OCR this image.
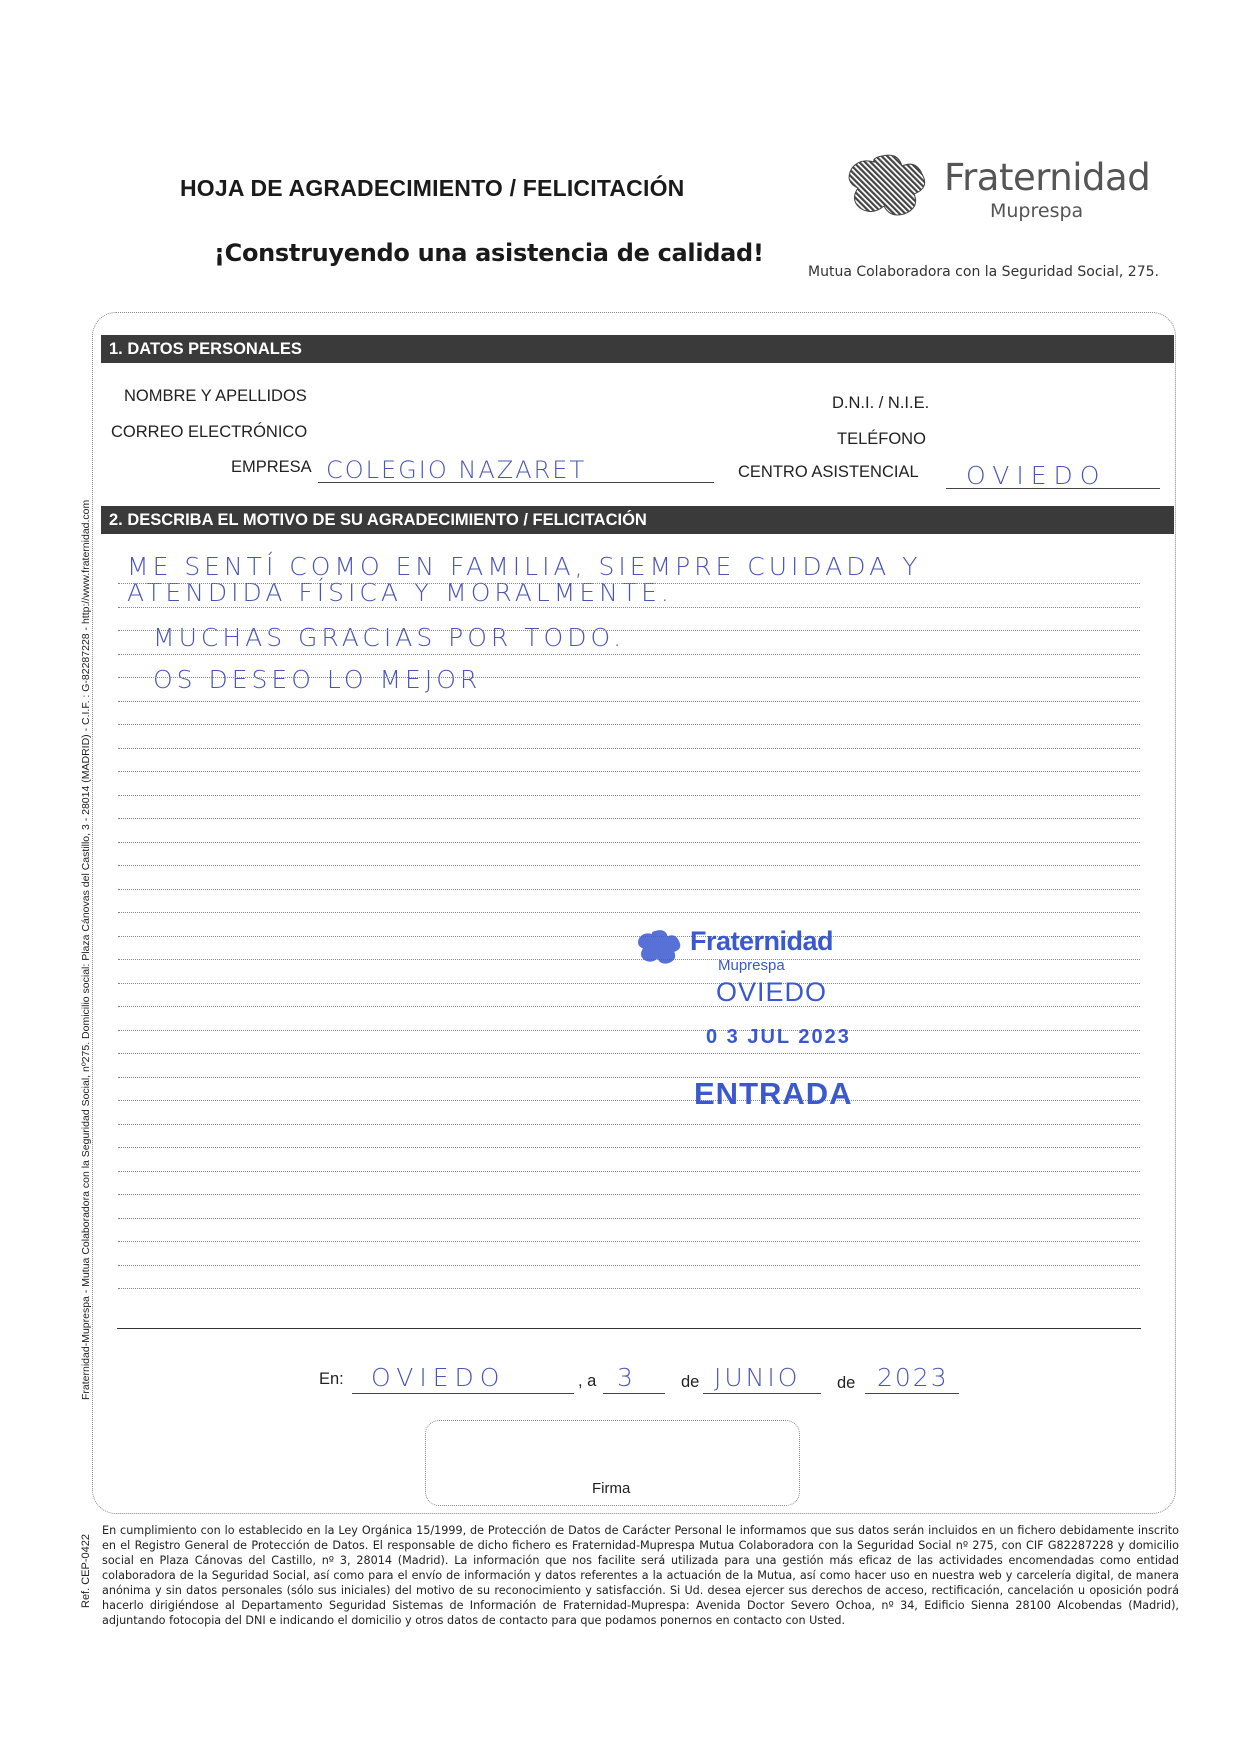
HOJA DE AGRADECIMIENTO / FELICITACIÓN
¡Construyendo una asistencia de calidad!
Fraternidad
Muprespa
Mutua Colaboradora con la Seguridad Social, 275.
Fraternidad-Muprespa - Mutua Colaboradora con la Seguridad Social, nº275. Domicilio social: Plaza Cánovas del Castillo, 3 - 28014 (MADRID) - C.I.F. : G-82287228 - http://www.fraternidad.com
Ref. CEP-0422
1. DATOS PERSONALES
NOMBRE Y APELLIDOS	D.N.I. / N.I.E.
CORREO ELECTRÓNICO	TELÉFONO
EMPRESA COLEGIO NAZARET	CENTRO ASISTENCIAL OVIEDO
2. DESCRIBA EL MOTIVO DE SU AGRADECIMIENTO / FELICITACIÓN
ME SENTÍ COMO EN FAMILIA, SIEMPRE CUIDADA Y
ATENDIDA FÍSICA Y MORALMENTE.
MUCHAS GRACIAS POR TODO.
OS DESEO LO MEJOR
Fraternidad
Muprespa
OVIEDO
0 3 JUL 2023
ENTRADA
En: OVIEDO	, a 3	de JUNIO de 2023
Firma
En cumplimiento con lo establecido en la Ley Orgánica 15/1999, de Protección de Datos de Carácter Personal le informamos que sus datos serán incluidos en un fichero debidamente inscrito en el Registro General de Protección de Datos. El responsable de dicho fichero es Fraternidad-Muprespa Mutua Colaboradora con la Seguridad Social nº 275, con CIF G82287228 y domicilio social en Plaza Cánovas del Castillo, nº 3, 28014 (Madrid). La información que nos facilite será utilizada para una gestión más eficaz de las actividades encomendadas como entidad colaboradora de la Seguridad Social, así como para el envío de información y datos referentes a la actuación de la Mutua, así como hacer uso en nuestra web y carcelería digital, de manera anónima y sin datos personales (sólo sus iniciales) del motivo de su reconocimiento y satisfacción. Si Ud. desea ejercer sus derechos de acceso, rectificación, cancelación u oposición podrá hacerlo dirigiéndose al Departamento Seguridad Sistemas de Información de Fraternidad-Muprespa: Avenida Doctor Severo Ochoa, nº 34, Edificio Sienna 28100 Alcobendas (Madrid), adjuntando fotocopia del DNI e indicando el domicilio y otros datos de contacto para que podamos ponernos en contacto con Usted.
